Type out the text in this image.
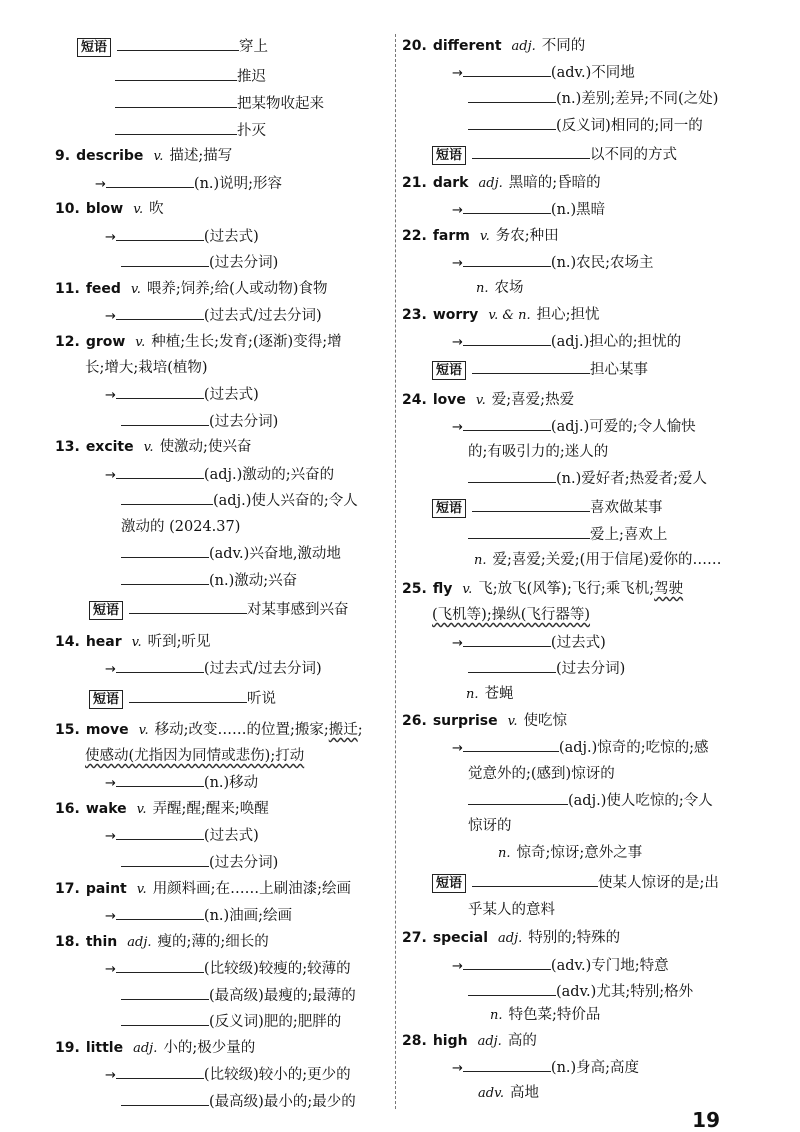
短语	穿上
推迟
把某物收起来
扑灭
9. describe v. 描述;描写
→	(n.)说明;形容
10. blow v. 吹
→	(过去式)
(过去分词)
11. feed v. 喂养;饲养;给(人或动物)食物
→	(过去式/过去分词)
12. grow v. 种植;生长;发育;(逐渐)变得;增
长;增大;栽培(植物)
→	(过去式)
(过去分词)
13. excite v. 使激动;使兴奋
→	(adj.)激动的;兴奋的
(adj.)使人兴奋的;令人
激动的 (2024.37)
(adv.)兴奋地,激动地
(n.)激动;兴奋
短语	对某事感到兴奋
14. hear v. 听到;听见
→	(过去式/过去分词)
短语	听说
15. move v. 移动;改变……的位置;搬家;搬迁;
使感动(尤指因为同情或悲伤);打动
→	(n.)移动
16. wake v. 弄醒;醒;醒来;唤醒
→	(过去式)
(过去分词)
17. paint v. 用颜料画;在……上刷油漆;绘画
→	(n.)油画;绘画
18. thin adj. 瘦的;薄的;细长的
→	(比较级)较瘦的;较薄的
(最高级)最瘦的;最薄的
(反义词)肥的;肥胖的
19. little adj. 小的;极少量的
→	(比较级)较小的;更少的
(最高级)最小的;最少的
20. different adj. 不同的
→	(adv.)不同地
(n.)差别;差异;不同(之处)
(反义词)相同的;同一的
短语	以不同的方式
21. dark adj. 黑暗的;昏暗的
→	(n.)黑暗
22. farm v. 务农;种田
→	(n.)农民;农场主
n. 农场
23. worry v. & n. 担心;担忧
→	(adj.)担心的;担忧的
短语	担心某事
24. love v. 爱;喜爱;热爱
→	(adj.)可爱的;令人愉快
的;有吸引力的;迷人的
(n.)爱好者;热爱者;爱人
短语	喜欢做某事
爱上;喜欢上
n. 爱;喜爱;关爱;(用于信尾)爱你的……
25. fly v. 飞;放飞(风筝);飞行;乘飞机;驾驶
(飞机等);操纵(飞行器等)
→	(过去式)
(过去分词)
n. 苍蝇
26. surprise v. 使吃惊
→	(adj.)惊奇的;吃惊的;感
觉意外的;(感到)惊讶的
(adj.)使人吃惊的;令人
惊讶的
n. 惊奇;惊讶;意外之事
短语	使某人惊讶的是;出
乎某人的意料
27. special adj. 特别的;特殊的
→	(adv.)专门地;特意
(adv.)尤其;特别;格外
n. 特色菜;特价品
28. high adj. 高的
→	(n.)身高;高度
adv. 高地
19
